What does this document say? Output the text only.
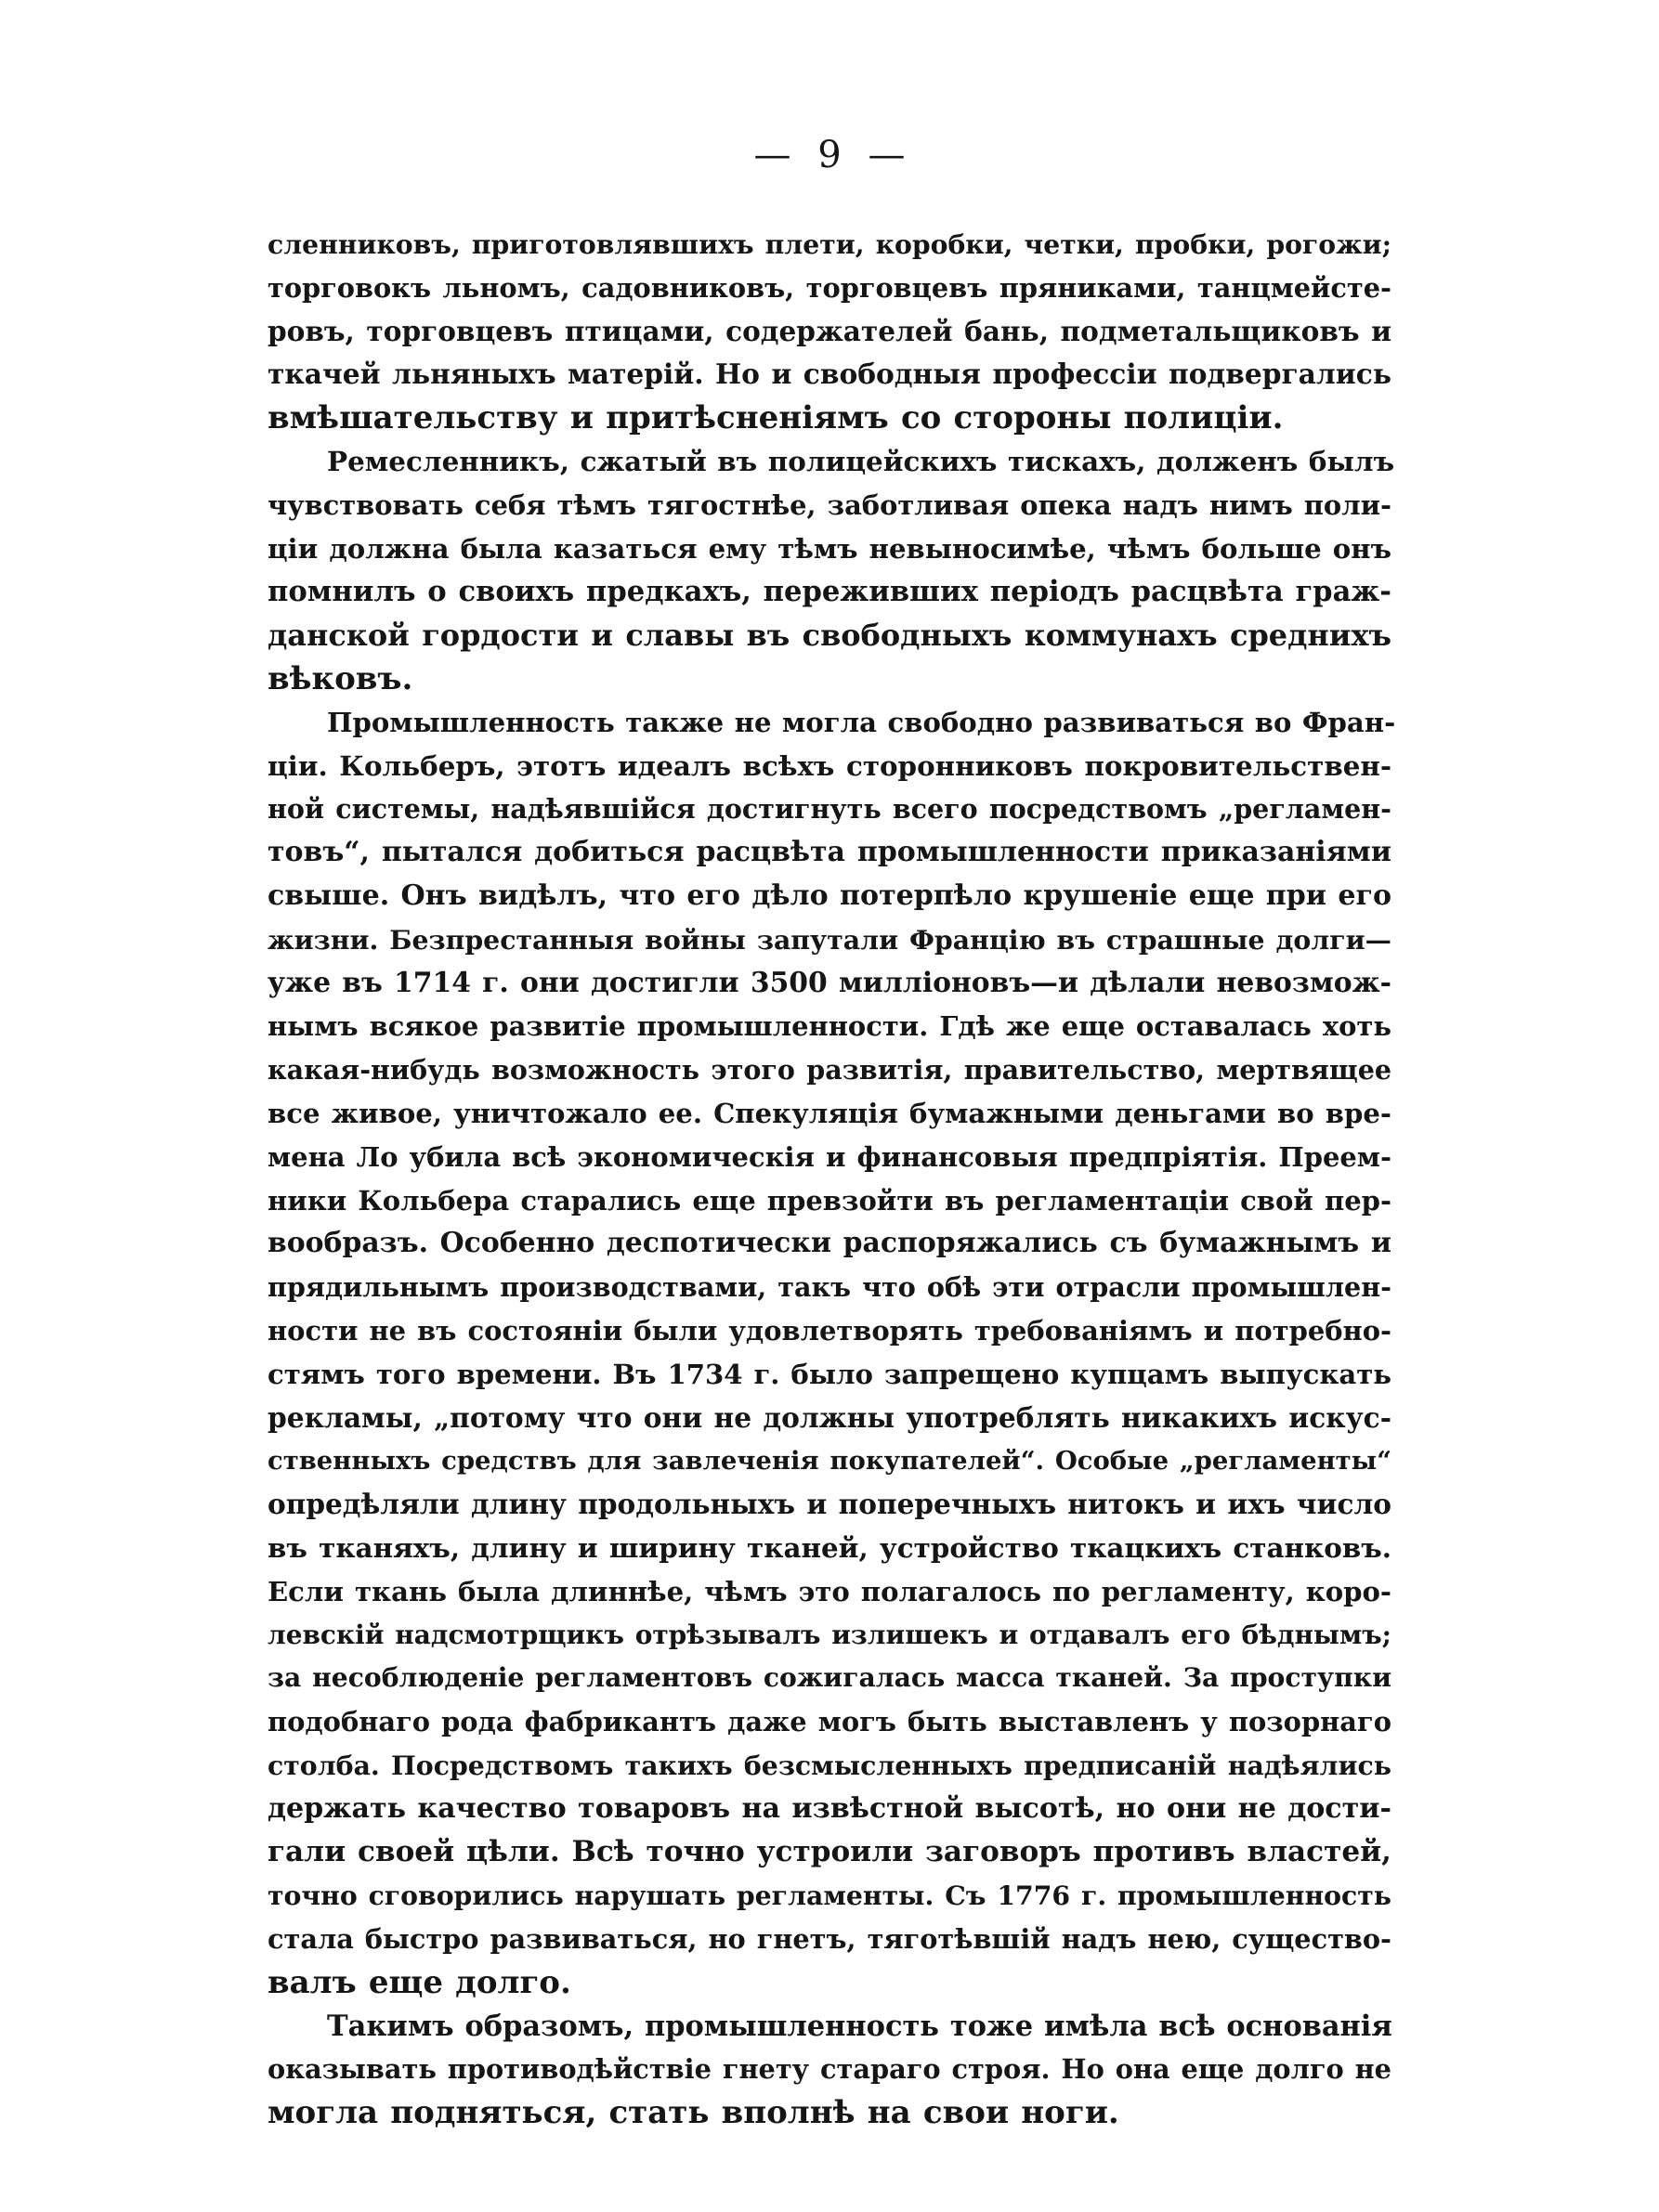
— 9 —

сленниковъ, приготовлявшихъ плети, коробки, четки, пробки, рогожи;
торговокъ льномъ, садовниковъ, торговцевъ пряниками, танцмейсте-
ровъ, торговцевъ птицами, содержателей бань, подметальщиковъ и
ткачей льняныхъ матерій. Но и свободныя профессіи подвергались
вмѣшательству и притѣсненіямъ со стороны полиціи.

Ремесленникъ, сжатый въ полицейскихъ тискахъ, долженъ былъ
чувствовать себя тѣмъ тягостнѣе, заботливая опека надъ нимъ поли-
ціи должна была казаться ему тѣмъ невыносимѣе, чѣмъ больше онъ
помнилъ о своихъ предкахъ, переживших періодъ расцвѣта граж-
данской гордости и славы въ свободныхъ коммунахъ среднихъ
вѣковъ.

Промышленность также не могла свободно развиваться во Фран-
ціи. Кольберъ, этотъ идеалъ всѣхъ сторонниковъ покровительствен-
ной системы, надѣявшійся достигнуть всего посредствомъ „регламен-
товъ“, пытался добиться расцвѣта промышленности приказаніями
свыше. Онъ видѣлъ, что его дѣло потерпѣло крушеніе еще при его
жизни. Безпрестанныя войны запутали Францію въ страшные долги—
уже въ 1714 г. они достигли 3500 милліоновъ—и дѣлали невозмож-
нымъ всякое развитіе промышленности. Гдѣ же еще оставалась хоть
какая-нибудь возможность этого развитія, правительство, мертвящее
все живое, уничтожало ее. Спекуляція бумажными деньгами во вре-
мена Ло убила всѣ экономическія и финансовыя предпріятія. Преем-
ники Кольбера старались еще превзойти въ регламентаціи свой пер-
вообразъ. Особенно деспотически распоряжались съ бумажнымъ и
прядильнымъ производствами, такъ что обѣ эти отрасли промышлен-
ности не въ состояніи были удовлетворять требованіямъ и потребно-
стямъ того времени. Въ 1734 г. было запрещено купцамъ выпускать
рекламы, „потому что они не должны употреблять никакихъ искус-
ственныхъ средствъ для завлеченія покупателей“. Особые „регламенты“
опредѣляли длину продольныхъ и поперечныхъ нитокъ и ихъ число
въ тканяхъ, длину и ширину тканей, устройство ткацкихъ станковъ.
Если ткань была длиннѣе, чѣмъ это полагалось по регламенту, коро-
левскій надсмотрщикъ отрѣзывалъ излишекъ и отдавалъ его бѣднымъ;
за несоблюденіе регламентовъ сожигалась масса тканей. За проступки
подобнаго рода фабрикантъ даже могъ быть выставленъ у позорнаго
столба. Посредствомъ такихъ безсмысленныхъ предписаній надѣялись
держать качество товаровъ на извѣстной высотѣ, но они не дости-
гали своей цѣли. Всѣ точно устроили заговоръ противъ властей,
точно сговорились нарушать регламенты. Съ 1776 г. промышленность
стала быстро развиваться, но гнетъ, тяготѣвшій надъ нею, существо-
валъ еще долго.

Такимъ образомъ, промышленность тоже имѣла всѣ основанія
оказывать противодѣйствіе гнету стараго строя. Но она еще долго не
могла подняться, стать вполнѣ на свои ноги.
